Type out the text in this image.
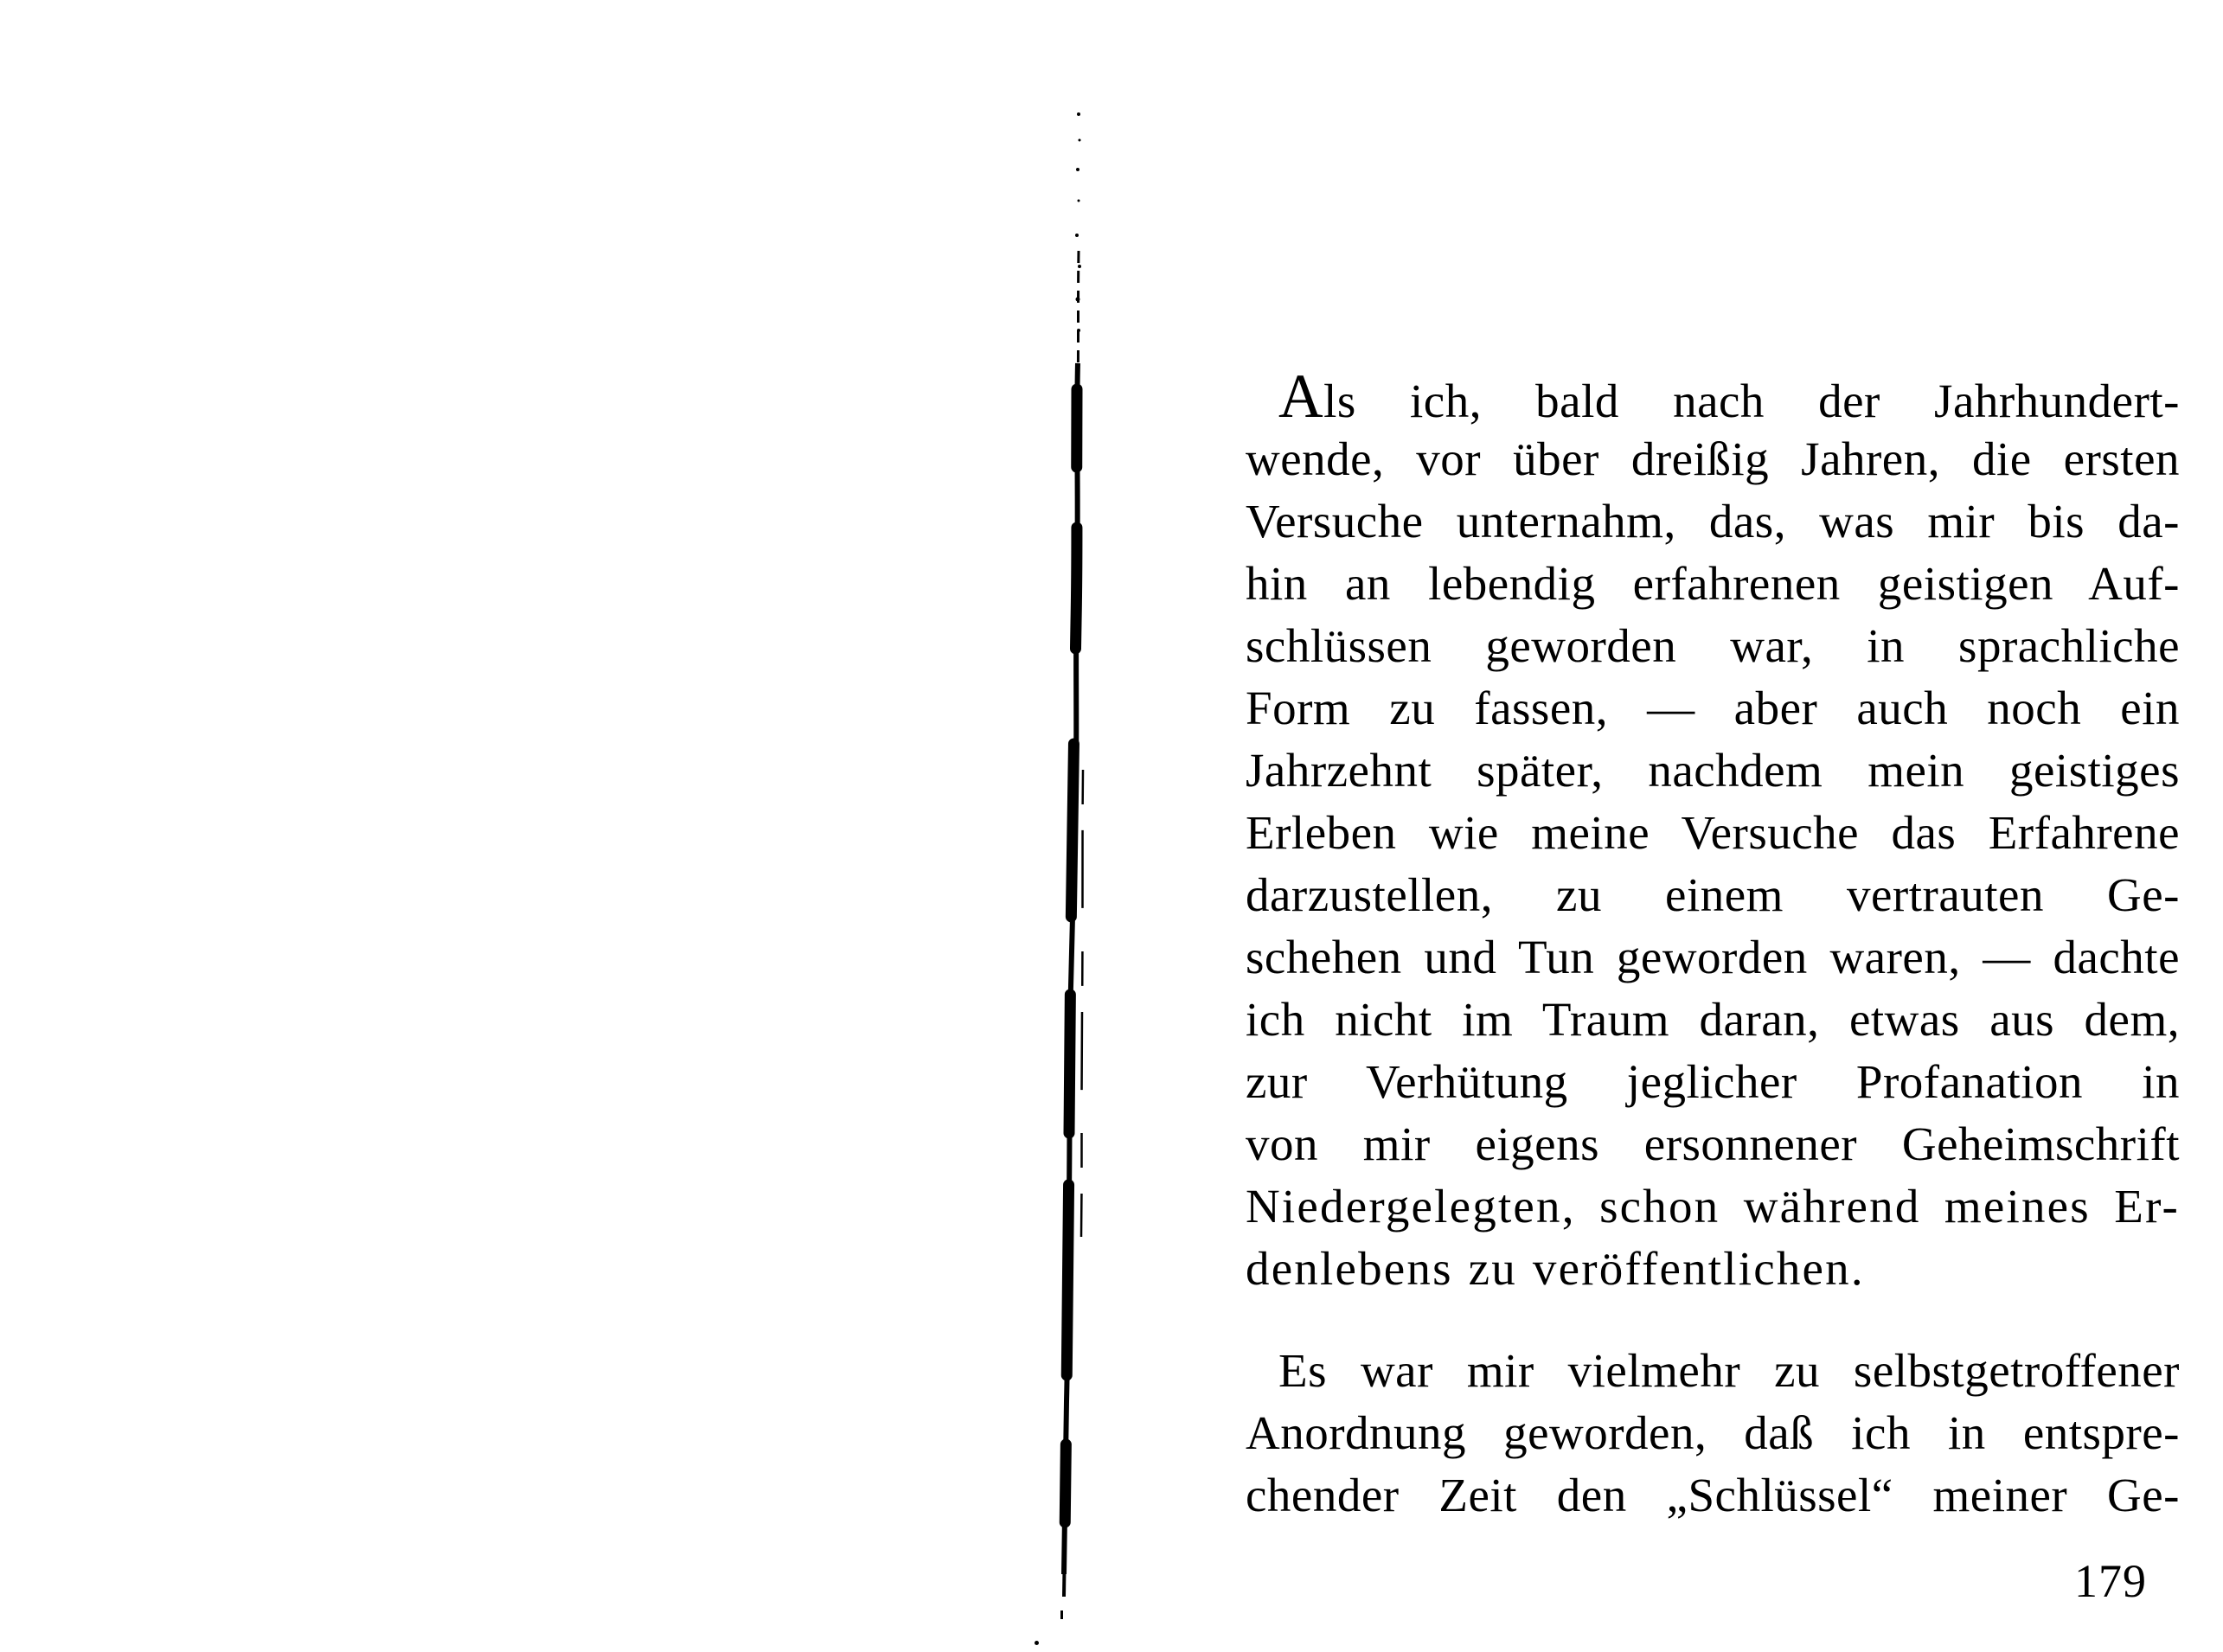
Als ich, bald nach der Jahrhundert-
wende, vor über dreißig Jahren, die ersten
Versuche unternahm, das, was mir bis da-
hin an lebendig erfahrenen geistigen Auf-
schlüssen geworden war, in sprachliche
Form zu fassen, — aber auch noch ein
Jahrzehnt später, nachdem mein geistiges
Erleben wie meine Versuche das Erfahrene
darzustellen, zu einem vertrauten Ge-
schehen und Tun geworden waren, — dachte
ich nicht im Traum daran, etwas aus dem,
zur Verhütung jeglicher Profanation in
von mir eigens ersonnener Geheimschrift
Niedergelegten, schon während meines Er-
denlebens zu veröffentlichen.
Es war mir vielmehr zu selbstgetroffener
Anordnung geworden, daß ich in entspre-
chender Zeit den „Schlüssel“ meiner Ge-
179
